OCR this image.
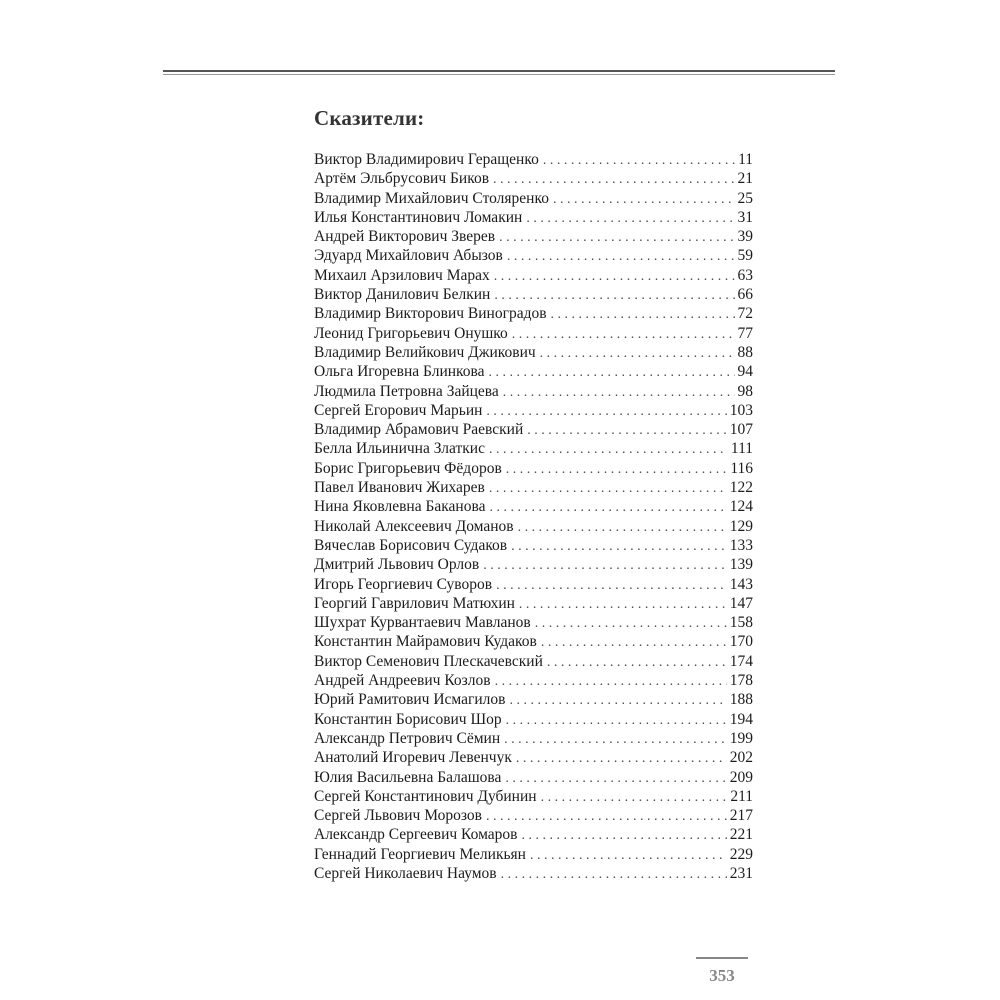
Сказители:
Виктор Владимирович Геращенко . . .	11
Артём Эльбрусович Биков . . .	21
Владимир Михайлович Столяренко . . .	25
Илья Константинович Ломакин . . .	31
Андрей Викторович Зверев . . .	39
Эдуард Михайлович Абызов . . .	59
Михаил Арзилович Марах . . .	63
Виктор Данилович Белкин . . .	66
Владимир Викторович Виноградов . . .	72
Леонид Григорьевич Онушко . . .	77
Владимир Велийкович Джикович . . .	88
Ольга Игоревна Блинкова . . .	94
Людмила Петровна Зайцева . . .	98
Сергей Егорович Марьин . . .	103
Владимир Абрамович Раевский . . .	107
Белла Ильинична Златкис . . .	111
Борис Григорьевич Фёдоров . . .	116
Павел Иванович Жихарев . . .	122
Нина Яковлевна Баканова . . .	124
Николай Алексеевич Доманов . . .	129
Вячеслав Борисович Судаков . . .	133
Дмитрий Львович Орлов . . .	139
Игорь Георгиевич Суворов . . .	143
Георгий Гаврилович Матюхин . . .	147
Шухрат Курвантаевич Мавланов . . .	158
Константин Майрамович Кудаков . . .	170
Виктор Семенович Плескачевский . . .	174
Андрей Андреевич Козлов . . .	178
Юрий Рамитович Исмагилов . . .	188
Константин Борисович Шор . . .	194
Александр Петрович Сёмин . . .	199
Анатолий Игоревич Левенчук . . .	202
Юлия Васильевна Балашова . . .	209
Сергей Константинович Дубинин . . .	211
Сергей Львович Морозов . . .	217
Александр Сергеевич Комаров . . .	221
Геннадий Георгиевич Меликьян . . .	229
Сергей Николаевич Наумов . . .	231
353
